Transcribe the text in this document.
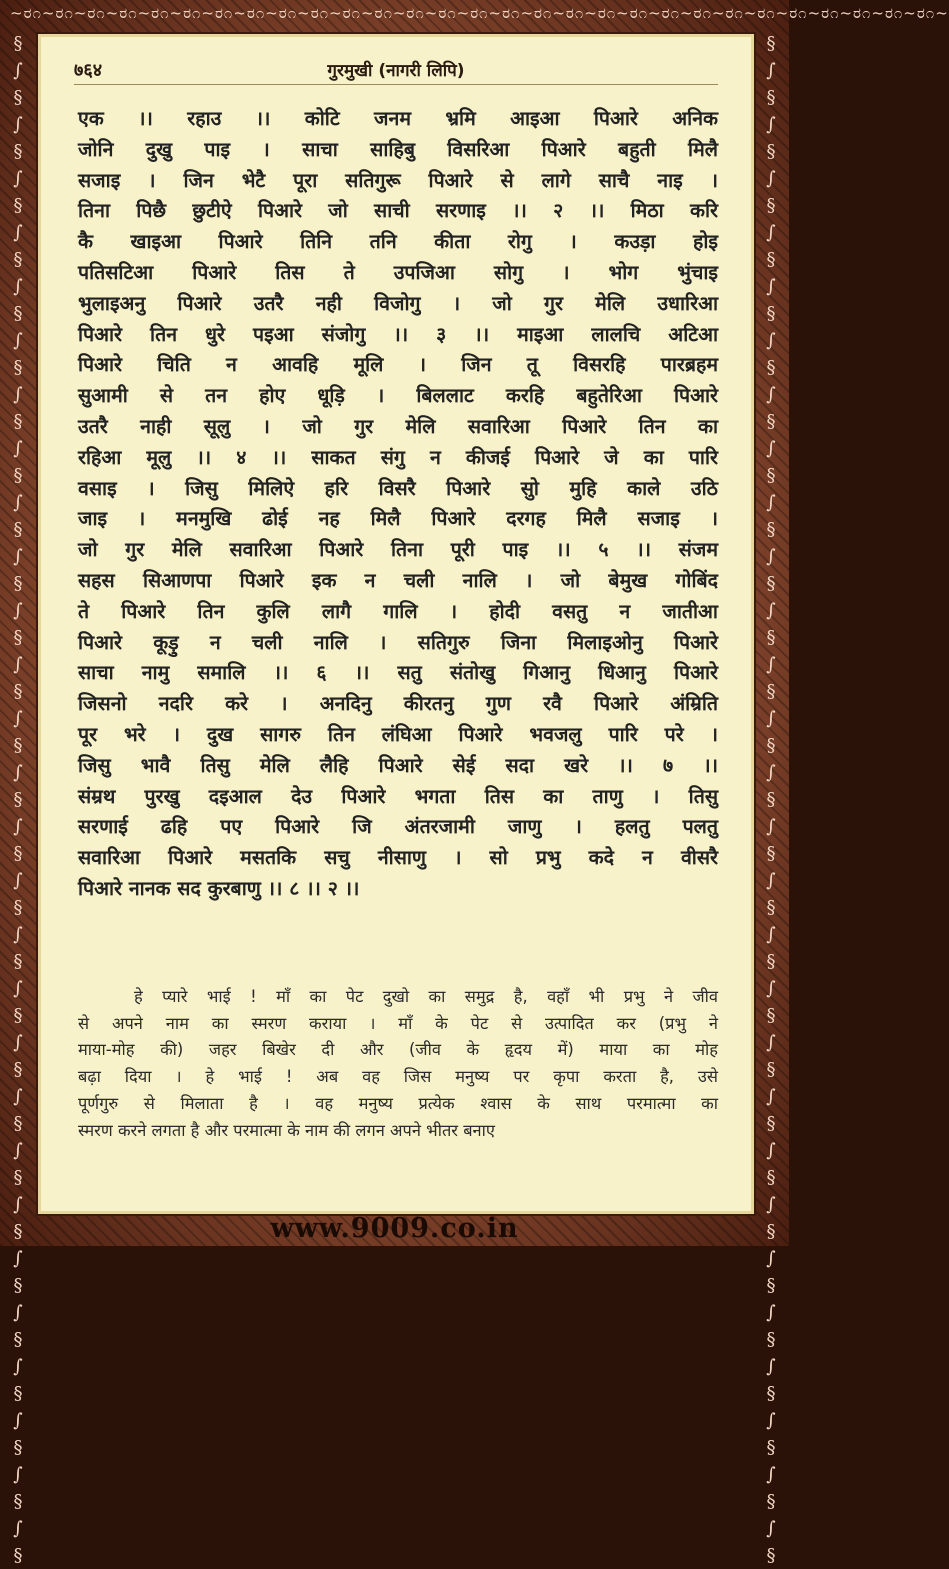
~ರ೧~ರ೧~ರ೧~ರ೧~ರ೧~ರ೧~ರ೧~ರ೧~ರ೧~ರ೧~ರ೧~ರ೧~ರ೧~ರ೧~ರ೧~ರ೧~ರ೧~ರ೧~ರ೧~ರ೧~ರ೧~ರ೧~ರ೧~ರ೧~ರ೧~ರ೧~ರ೧~ರ೧~ರ೧~
§
∫
§
∫
§
∫
§
∫
§
∫
§
∫
§
∫
§
∫
§
∫
§
∫
§
∫
§
∫
§
∫
§
∫
§
∫
§
∫
§
∫
§
∫
§
∫
§
∫
§
∫
§
∫
§
∫
§
∫
§
∫
§
∫
§
∫
§
∫
§
§
∫
§
∫
§
∫
§
∫
§
∫
§
∫
§
∫
§
∫
§
∫
§
∫
§
∫
§
∫
§
∫
§
∫
§
∫
§
∫
§
∫
§
∫
§
∫
§
∫
§
∫
§
∫
§
∫
§
∫
§
∫
§
∫
§
∫
§
∫
§
७६४	गुरमुखी (नागरी लिपि)
एक ।। रहाउ ।। कोटि जनम भ्रमि आइआ पिआरे अनिक
जोनि दुखु पाइ । साचा साहिबु विसरिआ पिआरे बहुती मिलै
सजाइ । जिन भेटै पूरा सतिगुरू पिआरे से लागे साचै नाइ ।
तिना पिछै छुटीऐ पिआरे जो साची सरणाइ ।। २ ।। मिठा करि
कै खाइआ पिआरे तिनि तनि कीता रोगु । कउड़ा होइ
पतिसटिआ पिआरे तिस ते उपजिआ सोगु । भोग भुंचाइ
भुलाइअनु पिआरे उतरै नही विजोगु । जो गुर मेलि उधारिआ
पिआरे तिन धुरे पइआ संजोगु ।। ३ ।। माइआ लालचि अटिआ
पिआरे चिति न आवहि मूलि । जिन तू विसरहि पारब्रहम
सुआमी से तन होए धूड़ि । बिललाट करहि बहुतेरिआ पिआरे
उतरै नाही सूलु । जो गुर मेलि सवारिआ पिआरे तिन का
रहिआ मूलु ।। ४ ।। साकत संगु न कीजई पिआरे जे का पारि
वसाइ । जिसु मिलिऐ हरि विसरै पिआरे सुो मुहि काले उठि
जाइ । मनमुखि ढोई नह मिलै पिआरे दरगह मिलै सजाइ ।
जो गुर मेलि सवारिआ पिआरे तिना पूरी पाइ ।। ५ ।। संजम
सहस सिआणपा पिआरे इक न चली नालि । जो बेमुख गोबिंद
ते पिआरे तिन कुलि लागै गालि । होदी वसतु न जातीआ
पिआरे कूड़ु न चली नालि । सतिगुरु जिना मिलाइओनु पिआरे
साचा नामु समालि ।। ६ ।। सतु संतोखु गिआनु धिआनु पिआरे
जिसनो नदरि करे । अनदिनु कीरतनु गुण रवै पिआरे अंम्रिति
पूर भरे । दुख सागरु तिन लंघिआ पिआरे भवजलु पारि परे ।
जिसु भावै तिसु मेलि लैहि पिआरे सेई सदा खरे ।। ७ ।।
संम्रथ पुरखु दइआल देउ पिआरे भगता तिस का ताणु । तिसु
सरणाई ढहि पए पिआरे जि अंतरजामी जाणु । हलतु पलतु
सवारिआ पिआरे मसतकि सचु नीसाणु । सो प्रभु कदे न वीसरै
पिआरे नानक सद कुरबाणु ।। ८ ।। २ ।।
हे प्यारे भाई ! माँ का पेट दुखो का समुद्र है, वहाँ भी प्रभु ने जीव
से अपने नाम का स्मरण कराया । माँ के पेट से उत्पादित कर (प्रभु ने
माया-मोह की) जहर बिखेर दी और (जीव के हृदय में) माया का मोह
बढ़ा दिया । हे भाई ! अब वह जिस मनुष्य पर कृपा करता है, उसे
पूर्णगुरु से मिलाता है । वह मनुष्य प्रत्येक श्वास के साथ परमात्मा का
स्मरण करने लगता है और परमात्मा के नाम की लगन अपने भीतर बनाए
www.9009.co.in
